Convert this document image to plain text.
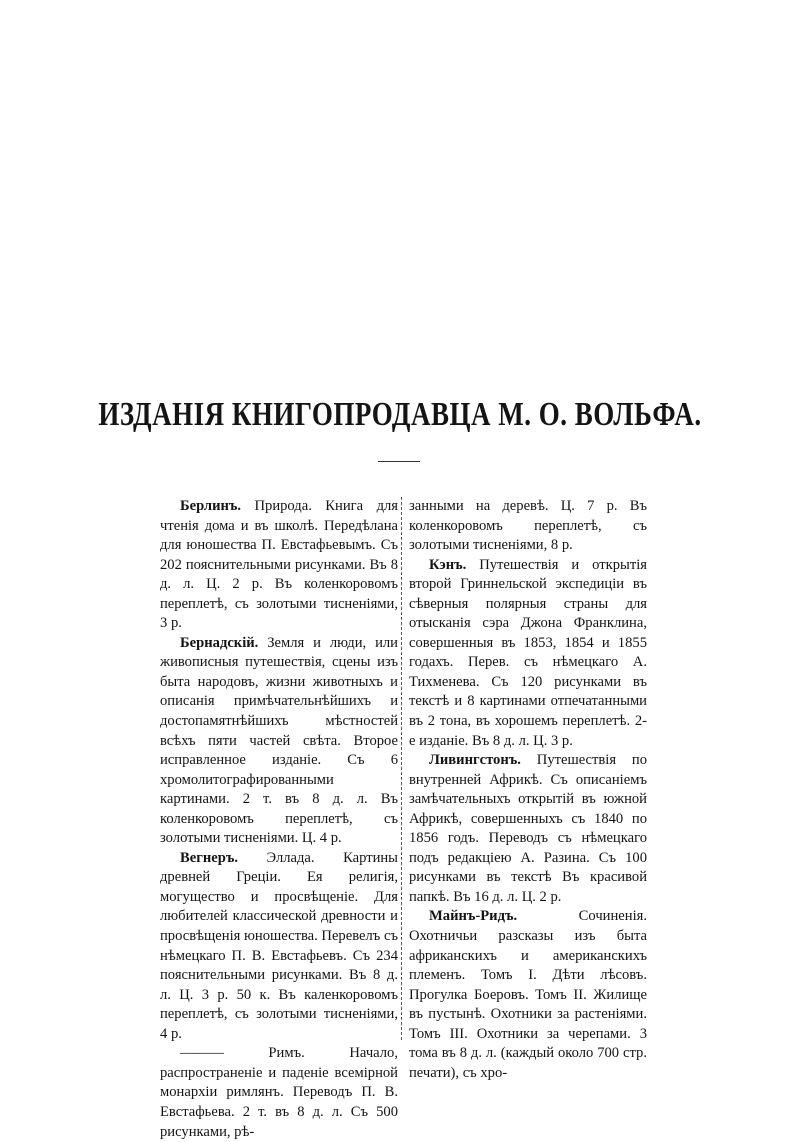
ИЗДАНІЯ КНИГОПРОДАВЦА М. О. ВОЛЬФА.

Берлинъ. Природа. Книга для чтенія дома и въ школѣ. Передѣлана для юношества П. Евстафьевымъ. Съ 202 пояснительными рисунками. Въ 8 д. л. Ц. 2 р. Въ коленкоровомъ переплетѣ, съ золотыми тисненіями, 3 р.

Бернадскій. Земля и люди, или живописныя путешествія, сцены изъ быта народовъ, жизни животныхъ и описанія примѣчательнѣйшихъ и достопамятнѣйшихъ мѣстностей всѣхъ пяти частей свѣта. Второе исправленное изданіе. Съ 6 хромолитографированными картинами. 2 т. въ 8 д. л. Въ коленкоровомъ переплетѣ, съ золотыми тисненіями. Ц. 4 р.

Вегнеръ. Эллада. Картины древней Греціи. Ея религія, могущество и просвѣщеніе. Для любителей классической древности и просвѣщенія юношества. Перевелъ съ нѣмецкаго П. В. Евстафьевъ. Съ 234 пояснительными рисунками. Въ 8 д. л. Ц. 3 р. 50 к. Въ каленкоровомъ переплетѣ, съ золотыми тисненіями, 4 р.

——— Римъ. Начало, распространеніе и паденіе всемірной монархіи римлянъ. Переводъ П. В. Евстафьева. 2 т. въ 8 д. л. Съ 500 рисунками, рѣ-

занными на деревѣ. Ц. 7 р. Въ коленкоровомъ переплетѣ, съ золотыми тисненіями, 8 р.

Кэнъ. Путешествія и открытія второй Гриннельской экспедиціи въ сѣверныя полярныя страны для отысканія сэра Джона Франклина, совершенныя въ 1853, 1854 и 1855 годахъ. Перев. съ нѣмецкаго А. Тихменева. Съ 120 рисунками въ текстѣ и 8 картинами отпечатанными въ 2 тона, въ хорошемъ переплетѣ. 2-е изданіе. Въ 8 д. л. Ц. 3 р.

Ливингстонъ. Путешествія по внутренней Африкѣ. Съ описаніемъ замѣчательныхъ открытій въ южной Африкѣ, совершенныхъ съ 1840 по 1856 годъ. Переводъ съ нѣмецкаго подъ редакціею А. Разина. Съ 100 рисунками въ текстѣ Въ красивой папкѣ. Въ 16 д. л. Ц. 2 р.

Майнъ-Ридъ. Сочиненія. Охотничьи разсказы изъ быта африканскихъ и американскихъ племенъ. Томъ I. Дѣти лѣсовъ. Прогулка Боеровъ. Томъ II. Жилище въ пустынѣ. Охотники за растеніями. Томъ III. Охотники за черепами. 3 тома въ 8 д. л. (каждый около 700 стр. печати), съ хро-
